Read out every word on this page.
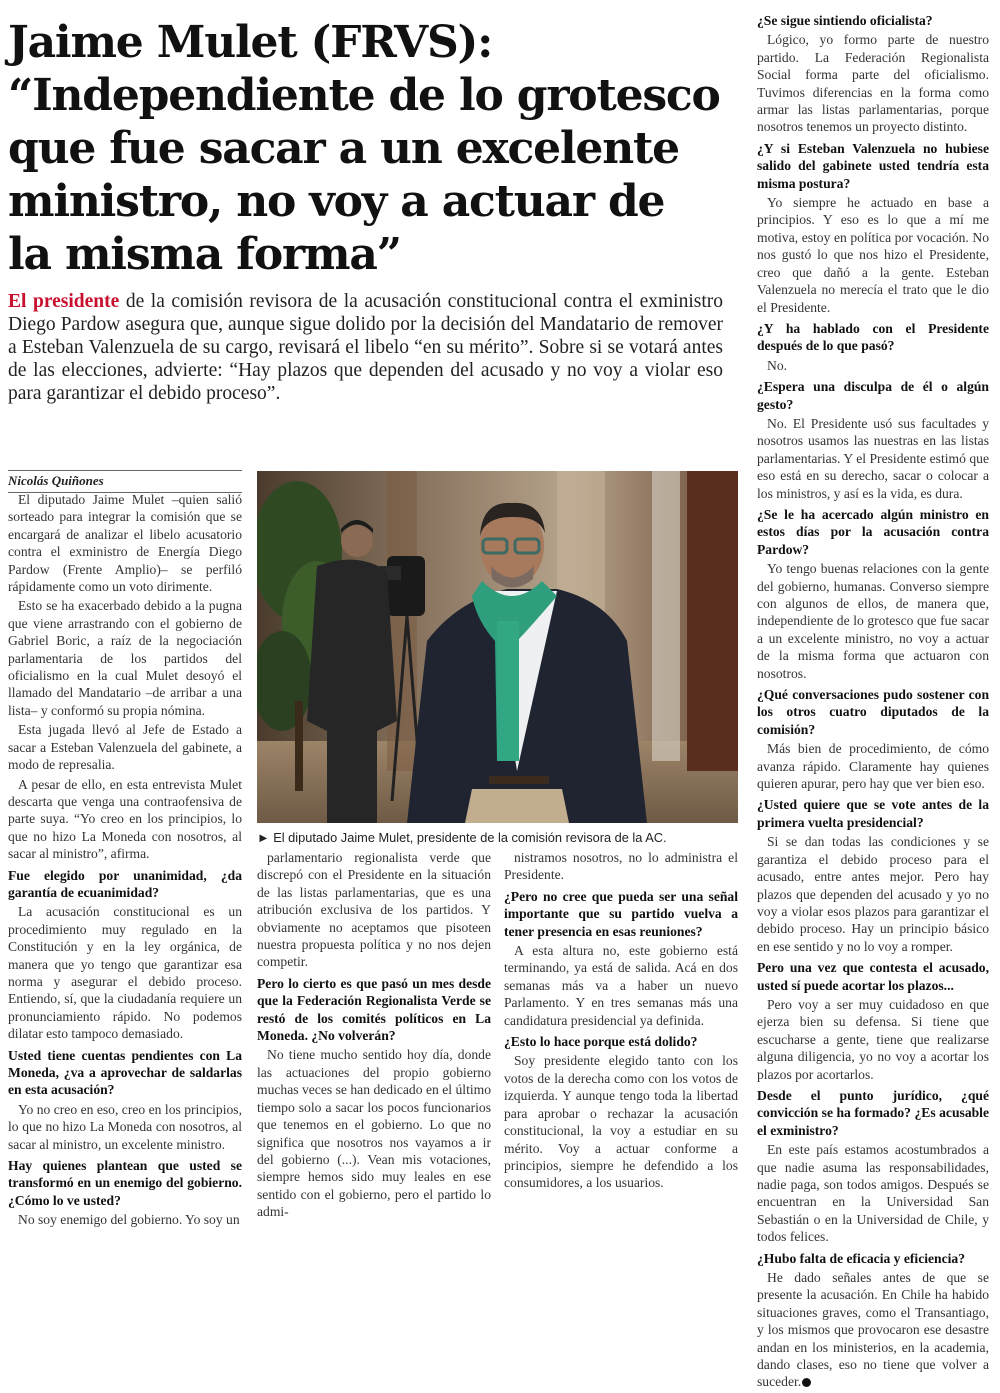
Jaime Mulet (FRVS):
“Independiente de lo grotesco
que fue sacar a un excelente
ministro, no voy a actuar de
la misma forma”

El presidente de la comisión revisora de la acusación constitucional contra el exministro Diego Pardow asegura que, aunque sigue dolido por la decisión del Mandatario de remover a Esteban Valenzuela de su cargo, revisará el libelo “en su mérito”. Sobre si se votará antes de las elecciones, advierte: “Hay plazos que dependen del acusado y no voy a violar eso para garantizar el debido proceso”.

Nicolás Quiñones

El diputado Jaime Mulet –quien salió sorteado para integrar la comisión que se encargará de analizar el libelo acusatorio contra el exministro de Energía Diego Pardow (Frente Amplio)– se perfiló rápidamente como un voto dirimente.

Esto se ha exacerbado debido a la pugna que viene arrastrando con el gobierno de Gabriel Boric, a raíz de la negociación parlamentaria de los partidos del oficialismo en la cual Mulet desoyó el llamado del Mandatario –de arribar a una lista– y conformó su propia nómina.

Esta jugada llevó al Jefe de Estado a sacar a Esteban Valenzuela del gabinete, a modo de represalia.

A pesar de ello, en esta entrevista Mulet descarta que venga una contraofensiva de parte suya. “Yo creo en los principios, lo que no hizo La Moneda con nosotros, al sacar al ministro”, afirma.

Fue elegido por unanimidad, ¿da garantía de ecuanimidad?

La acusación constitucional es un procedimiento muy regulado en la Constitución y en la ley orgánica, de manera que yo tengo que garantizar esa norma y asegurar el debido proceso. Entiendo, sí, que la ciudadanía requiere un pronunciamiento rápido. No podemos dilatar esto tampoco demasiado.

Usted tiene cuentas pendientes con La Moneda, ¿va a aprovechar de saldarlas en esta acusación?

Yo no creo en eso, creo en los principios, lo que no hizo La Moneda con nosotros, al sacar al ministro, un excelente ministro.

Hay quienes plantean que usted se transformó en un enemigo del gobierno. ¿Cómo lo ve usted?

No soy enemigo del gobierno. Yo soy un

► El diputado Jaime Mulet, presidente de la comisión revisora de la AC.

parlamentario regionalista verde que discrepó con el Presidente en la situación de las listas parlamentarias, que es una atribución exclusiva de los partidos. Y obviamente no aceptamos que pisoteen nuestra propuesta política y no nos dejen competir.

Pero lo cierto es que pasó un mes desde que la Federación Regionalista Verde se restó de los comités políticos en La Moneda. ¿No volverán?

No tiene mucho sentido hoy día, donde las actuaciones del propio gobierno muchas veces se han dedicado en el último tiempo solo a sacar los pocos funcionarios que tenemos en el gobierno. Lo que no significa que nosotros nos vayamos a ir del gobierno (...). Vean mis votaciones, siempre hemos sido muy leales en ese sentido con el gobierno, pero el partido lo admi-

nistramos nosotros, no lo administra el Presidente.

¿Pero no cree que pueda ser una señal importante que su partido vuelva a tener presencia en esas reuniones?

A esta altura no, este gobierno está terminando, ya está de salida. Acá en dos semanas más va a haber un nuevo Parlamento. Y en tres semanas más una candidatura presidencial ya definida.

¿Esto lo hace porque está dolido?

Soy presidente elegido tanto con los votos de la derecha como con los votos de izquierda. Y aunque tengo toda la libertad para aprobar o rechazar la acusación constitucional, la voy a estudiar en su mérito. Voy a actuar conforme a principios, siempre he defendido a los consumidores, a los usuarios.

¿Se sigue sintiendo oficialista?

Lógico, yo formo parte de nuestro partido. La Federación Regionalista Social forma parte del oficialismo. Tuvimos diferencias en la forma como armar las listas parlamentarias, porque nosotros tenemos un proyecto distinto.

¿Y si Esteban Valenzuela no hubiese salido del gabinete usted tendría esta misma postura?

Yo siempre he actuado en base a principios. Y eso es lo que a mí me motiva, estoy en política por vocación. No nos gustó lo que nos hizo el Presidente, creo que dañó a la gente. Esteban Valenzuela no merecía el trato que le dio el Presidente.

¿Y ha hablado con el Presidente después de lo que pasó?

No.

¿Espera una disculpa de él o algún gesto?

No. El Presidente usó sus facultades y nosotros usamos las nuestras en las listas parlamentarias. Y el Presidente estimó que eso está en su derecho, sacar o colocar a los ministros, y así es la vida, es dura.

¿Se le ha acercado algún ministro en estos días por la acusación contra Pardow?

Yo tengo buenas relaciones con la gente del gobierno, humanas. Converso siempre con algunos de ellos, de manera que, independiente de lo grotesco que fue sacar a un excelente ministro, no voy a actuar de la misma forma que actuaron con nosotros.

¿Qué conversaciones pudo sostener con los otros cuatro diputados de la comisión?

Más bien de procedimiento, de cómo avanza rápido. Claramente hay quienes quieren apurar, pero hay que ver bien eso.

¿Usted quiere que se vote antes de la primera vuelta presidencial?

Si se dan todas las condiciones y se garantiza el debido proceso para el acusado, entre antes mejor. Pero hay plazos que dependen del acusado y yo no voy a violar esos plazos para garantizar el debido proceso. Hay un principio básico en ese sentido y no lo voy a romper.

Pero una vez que contesta el acusado, usted sí puede acortar los plazos...

Pero voy a ser muy cuidadoso en que ejerza bien su defensa. Si tiene que escucharse a gente, tiene que realizarse alguna diligencia, yo no voy a acortar los plazos por acortarlos.

Desde el punto jurídico, ¿qué convicción se ha formado? ¿Es acusable el exministro?

En este país estamos acostumbrados a que nadie asuma las responsabilidades, nadie paga, son todos amigos. Después se encuentran en la Universidad San Sebastián o en la Universidad de Chile, y todos felices.

¿Hubo falta de eficacia y eficiencia?

He dado señales antes de que se presente la acusación. En Chile ha habido situaciones graves, como el Transantiago, y los mismos que provocaron ese desastre andan en los ministerios, en la academia, dando clases, eso no tiene que volver a suceder.
